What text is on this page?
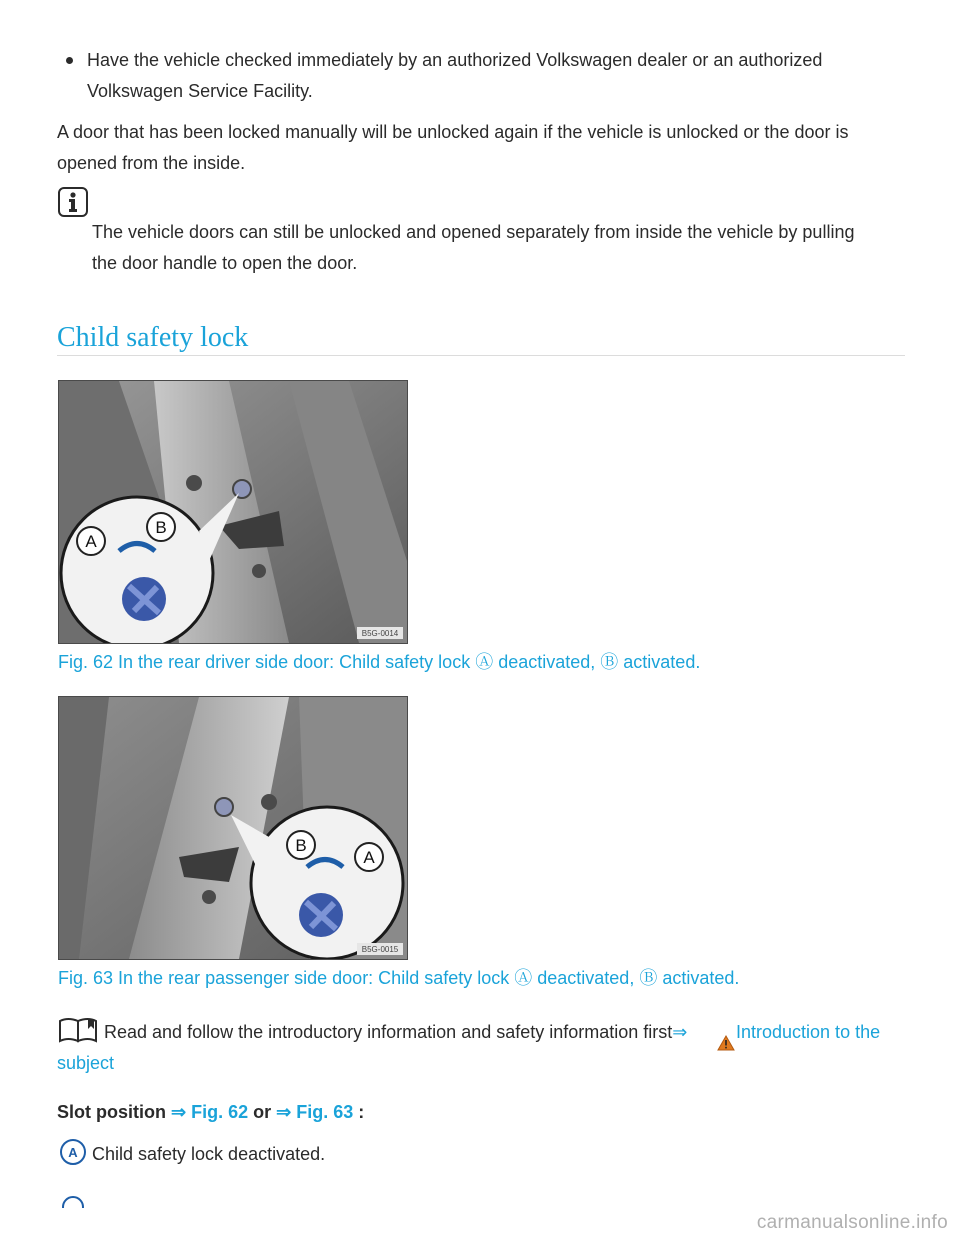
Have the vehicle checked immediately by an authorized Volkswagen dealer or an authorized
Volkswagen Service Facility.
A door that has been locked manually will be unlocked again if the vehicle is unlocked or the door is
opened from the inside.
The vehicle doors can still be unlocked and opened separately from inside the vehicle by pulling
the door handle to open the door.
Child safety lock
A
B
B5G-0014
Fig. 62 In the rear driver side door: Child safety lock Ⓐ deactivated, Ⓑ activated.
B
A
B5G-0015
Fig. 63 In the rear passenger side door: Child safety lock Ⓐ deactivated, Ⓑ activated.
Read and follow the introductory information and safety information first⇒	Introduction to the
subject
Slot position ⇒ Fig. 62 or ⇒ Fig. 63 :
A Child safety lock deactivated.
carmanualsonline.info
